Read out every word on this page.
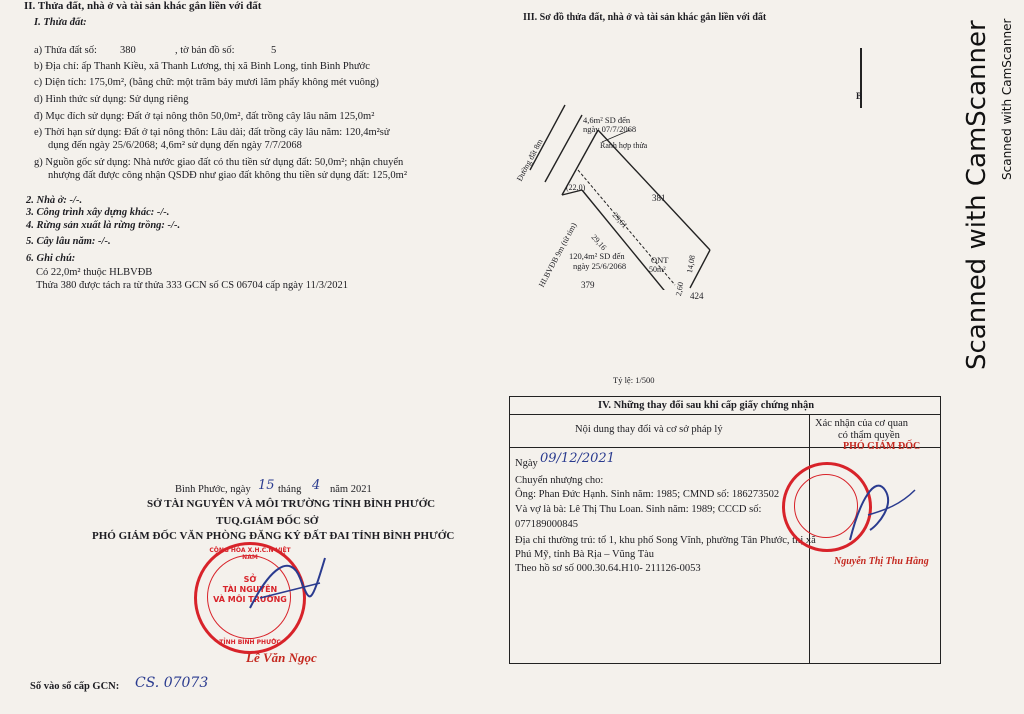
II. Thửa đất, nhà ở và tài sản khác gắn liền với đất
I. Thửa đất:
a) Thửa đất số: 380	, tờ bản đồ số:	5
b) Địa chỉ: ấp Thanh Kiều, xã Thanh Lương, thị xã Bình Long, tỉnh Bình Phước
c) Diện tích: 175,0m², (bằng chữ: một trăm bảy mươi lăm phẩy không mét vuông)
d) Hình thức sử dụng: Sử dụng riêng
đ) Mục đích sử dụng: Đất ở tại nông thôn 50,0m², đất trồng cây lâu năm 125,0m²
e) Thời hạn sử dụng: Đất ở tại nông thôn: Lâu dài; đất trồng cây lâu năm: 120,4m²sử
dụng đến ngày 25/6/2068; 4,6m² sử dụng đến ngày 7/7/2068
g) Nguồn gốc sử dụng: Nhà nước giao đất có thu tiền sử dụng đất: 50,0m²; nhận chuyển
nhượng đất được công nhận QSDĐ như giao đất không thu tiền sử dụng đất: 125,0m²
2. Nhà ở: -/-.
3. Công trình xây dựng khác: -/-.
4. Rừng sản xuất là rừng trồng: -/-.
5. Cây lâu năm: -/-.
6. Ghi chú:
Có 22,0m² thuộc HLBVĐB
Thửa 380 được tách ra từ thửa 333 GCN số CS 06704 cấp ngày 11/3/2021
Bình Phước, ngày 15 tháng 4 năm 2021
SỞ TÀI NGUYÊN VÀ MÔI TRƯỜNG TỈNH BÌNH PHƯỚC
TUQ.GIÁM ĐỐC SỞ
PHÓ GIÁM ĐỐC VĂN PHÒNG ĐĂNG KÝ ĐẤT ĐAI TỈNH BÌNH PHƯỚC
SỞ
TÀI NGUYÊN
VÀ MÔI TRƯỜNG
CỘNG HÒA X.H.C.N VIỆT NAM
TỈNH BÌNH PHƯỚC
Lê Văn Ngọc
Số vào sổ cấp GCN: CS. 07073
III. Sơ đồ thửa đất, nhà ở và tài sản khác gắn liền với đất
B
4,6m² SD đến
ngày 07/7/2068
Đường đất 8m	Ranh hợp thửa
(22,0)
381
29,61
29,16
HLBVĐB 9m (từ tim)
120,4m² SD đến
ngày 25/6/2068
ONT
50m² 14,08
2,60
379
424
Tỷ lệ: 1/500
IV. Những thay đổi sau khi cấp giấy chứng nhận
Nội dung thay đổi và cơ sở pháp lý
Xác nhận của cơ quan
có thẩm quyền
PHÓ GIÁM ĐỐC
Ngày 09/12/2021
Chuyển nhượng cho:
Ông: Phan Đức Hạnh. Sinh năm: 1985; CMND số: 186273502
Và vợ là bà: Lê Thị Thu Loan. Sinh năm: 1989; CCCD số:
077189000845
Địa chỉ thường trú: tổ 1, khu phố Song Vĩnh, phường Tân Phước, thị xã
Phú Mỹ, tỉnh Bà Rịa – Vũng Tàu
Theo hồ sơ số 000.30.64.H10- 211126-0053
Nguyễn Thị Thu Hằng
Scanned with CamScanner Scanned with CamScanner
